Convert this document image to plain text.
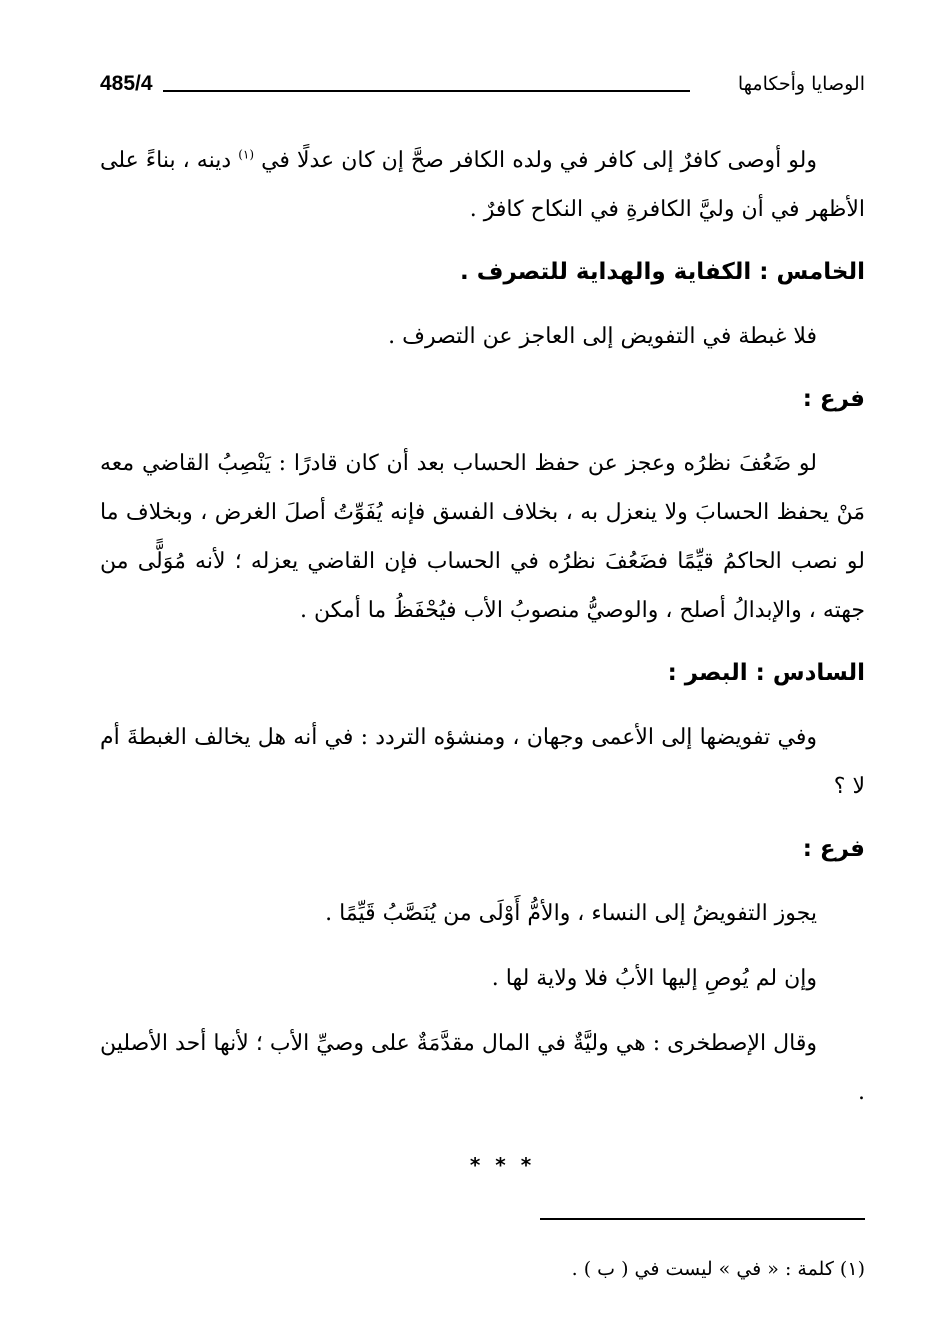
485/4	الوصايا وأحكامها

ولو أوصى كافرٌ إلى كافر في ولده الكافر صحَّ إن كان عدلًا في $^{(١)}$ دينه ، بناءً على الأظهر في أن وليَّ الكافرةِ في النكاح كافرٌ .

الخامس : الكفاية والهداية للتصرف .

فلا غبطة في التفويض إلى العاجز عن التصرف .

فرع :

لو ضَعُفَ نظرُه وعجز عن حفظ الحساب بعد أن كان قادرًا : يَنْصِبُ القاضي معه مَنْ يحفظ الحسابَ ولا ينعزل به ، بخلاف الفسق فإنه يُفَوِّتُ أصلَ الغرض ، وبخلاف ما لو نصب الحاكمُ قيِّمًا فضَعُفَ نظرُه في الحساب فإن القاضي يعزله ؛ لأنه مُوَلًّى من جهته ، والإبدالُ أصلح ، والوصيُّ منصوبُ الأب فيُحْفَظُ ما أمكن .

السادس : البصر :

وفي تفويضها إلى الأعمى وجهان ، ومنشؤه التردد : في أنه هل يخالف الغبطةَ أم لا ؟

فرع :

يجوز التفويضُ إلى النساء ، والأمُّ أَوْلَى من يُنَصَّبُ قَيِّمًا .

وإن لم يُوصِ إليها الأبُ فلا ولاية لها .

وقال الإصطخرى : هي وليَّةٌ في المال مقدَّمَةٌ على وصيِّ الأب ؛ لأنها أحد الأصلين .

* * *
(١) كلمة : « في » ليست في ( ب ) .
